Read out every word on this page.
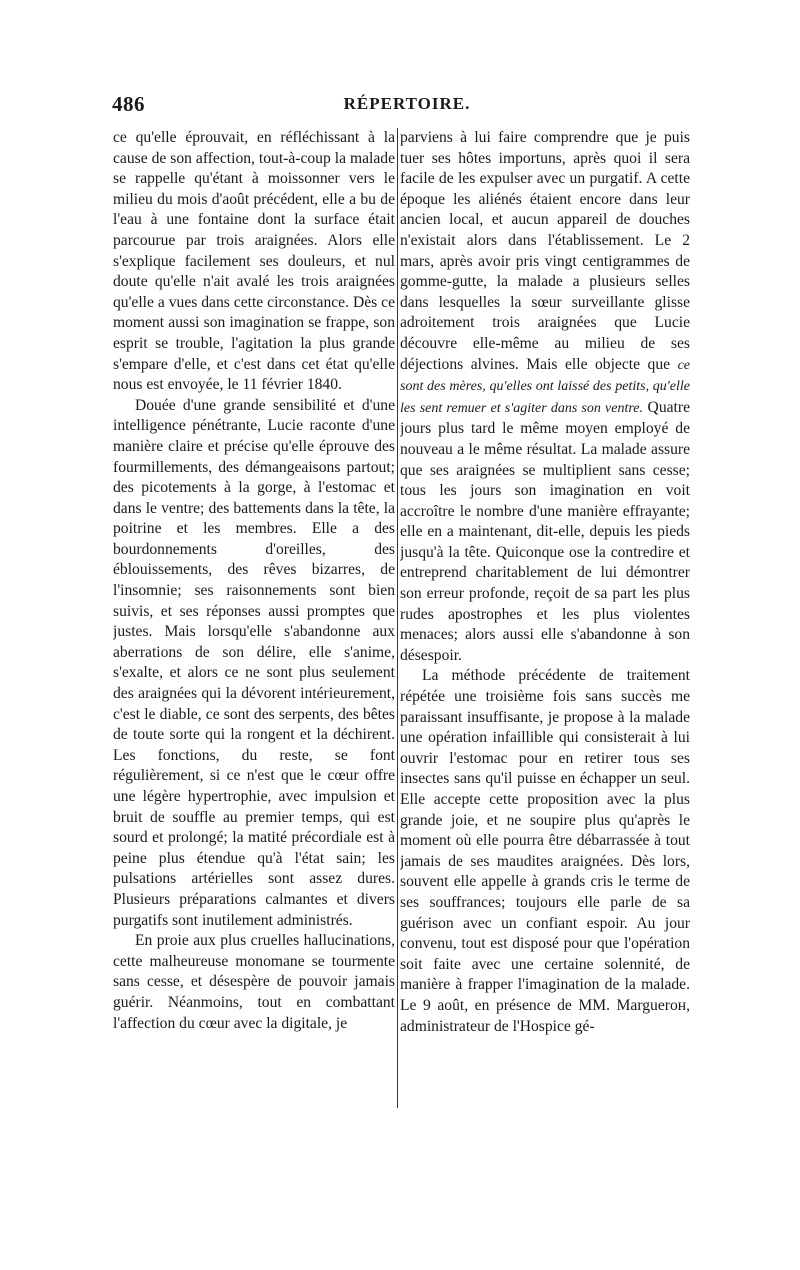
486	RÉPERTOIRE.

ce qu'elle éprouvait, en réfléchissant à la cause de son affection, tout-à-coup la malade se rappelle qu'étant à moissonner vers le milieu du mois d'août précédent, elle a bu de l'eau à une fontaine dont la surface était parcourue par trois araignées. Alors elle s'explique facilement ses douleurs, et nul doute qu'elle n'ait avalé les trois araignées qu'elle a vues dans cette circonstance. Dès ce moment aussi son imagination se frappe, son esprit se trouble, l'agitation la plus grande s'empare d'elle, et c'est dans cet état qu'elle nous est envoyée, le 11 février 1840.

Douée d'une grande sensibilité et d'une intelligence pénétrante, Lucie raconte d'une manière claire et précise qu'elle éprouve des fourmillements, des démangeaisons partout; des picotements à la gorge, à l'estomac et dans le ventre; des battements dans la tête, la poitrine et les membres. Elle a des bourdonnements d'oreilles, des éblouissements, des rêves bizarres, de l'insomnie; ses raisonnements sont bien suivis, et ses réponses aussi promptes que justes. Mais lorsqu'elle s'abandonne aux aberrations de son délire, elle s'anime, s'exalte, et alors ce ne sont plus seulement des araignées qui la dévorent intérieurement, c'est le diable, ce sont des serpents, des bêtes de toute sorte qui la rongent et la déchirent. Les fonctions, du reste, se font régulièrement, si ce n'est que le cœur offre une légère hypertrophie, avec impulsion et bruit de souffle au premier temps, qui est sourd et prolongé; la matité précordiale est à peine plus étendue qu'à l'état sain; les pulsations artérielles sont assez dures. Plusieurs préparations calmantes et divers purgatifs sont inutilement administrés.

En proie aux plus cruelles hallucinations, cette malheureuse monomane se tourmente sans cesse, et désespère de pouvoir jamais guérir. Néanmoins, tout en combattant l'affection du cœur avec la digitale, je

parviens à lui faire comprendre que je puis tuer ses hôtes importuns, après quoi il sera facile de les expulser avec un purgatif. A cette époque les aliénés étaient encore dans leur ancien local, et aucun appareil de douches n'existait alors dans l'établissement. Le 2 mars, après avoir pris vingt centigrammes de gomme-gutte, la malade a plusieurs selles dans lesquelles la sœur surveillante glisse adroitement trois araignées que Lucie découvre elle-même au milieu de ses déjections alvines. Mais elle objecte que ce sont des mères, qu'elles ont laissé des petits, qu'elle les sent remuer et s'agiter dans son ventre. Quatre jours plus tard le même moyen employé de nouveau a le même résultat. La malade assure que ses araignées se multiplient sans cesse; tous les jours son imagination en voit accroître le nombre d'une manière effrayante; elle en a maintenant, dit-elle, depuis les pieds jusqu'à la tête. Quiconque ose la contredire et entreprend charitablement de lui démontrer son erreur profonde, reçoit de sa part les plus rudes apostrophes et les plus violentes menaces; alors aussi elle s'abandonne à son désespoir.

La méthode précédente de traitement répétée une troisième fois sans succès me paraissant insuffisante, je propose à la malade une opération infaillible qui consisterait à lui ouvrir l'estomac pour en retirer tous ses insectes sans qu'il puisse en échapper un seul. Elle accepte cette proposition avec la plus grande joie, et ne soupire plus qu'après le moment où elle pourra être débarrassée à tout jamais de ses maudites araignées. Dès lors, souvent elle appelle à grands cris le terme de ses souffrances; toujours elle parle de sa guérison avec un confiant espoir. Au jour convenu, tout est disposé pour que l'opération soit faite avec une certaine solennité, de manière à frapper l'imagination de la malade. Le 9 août, en présence de MM. Marguerон, administrateur de l'Hospice gé-
